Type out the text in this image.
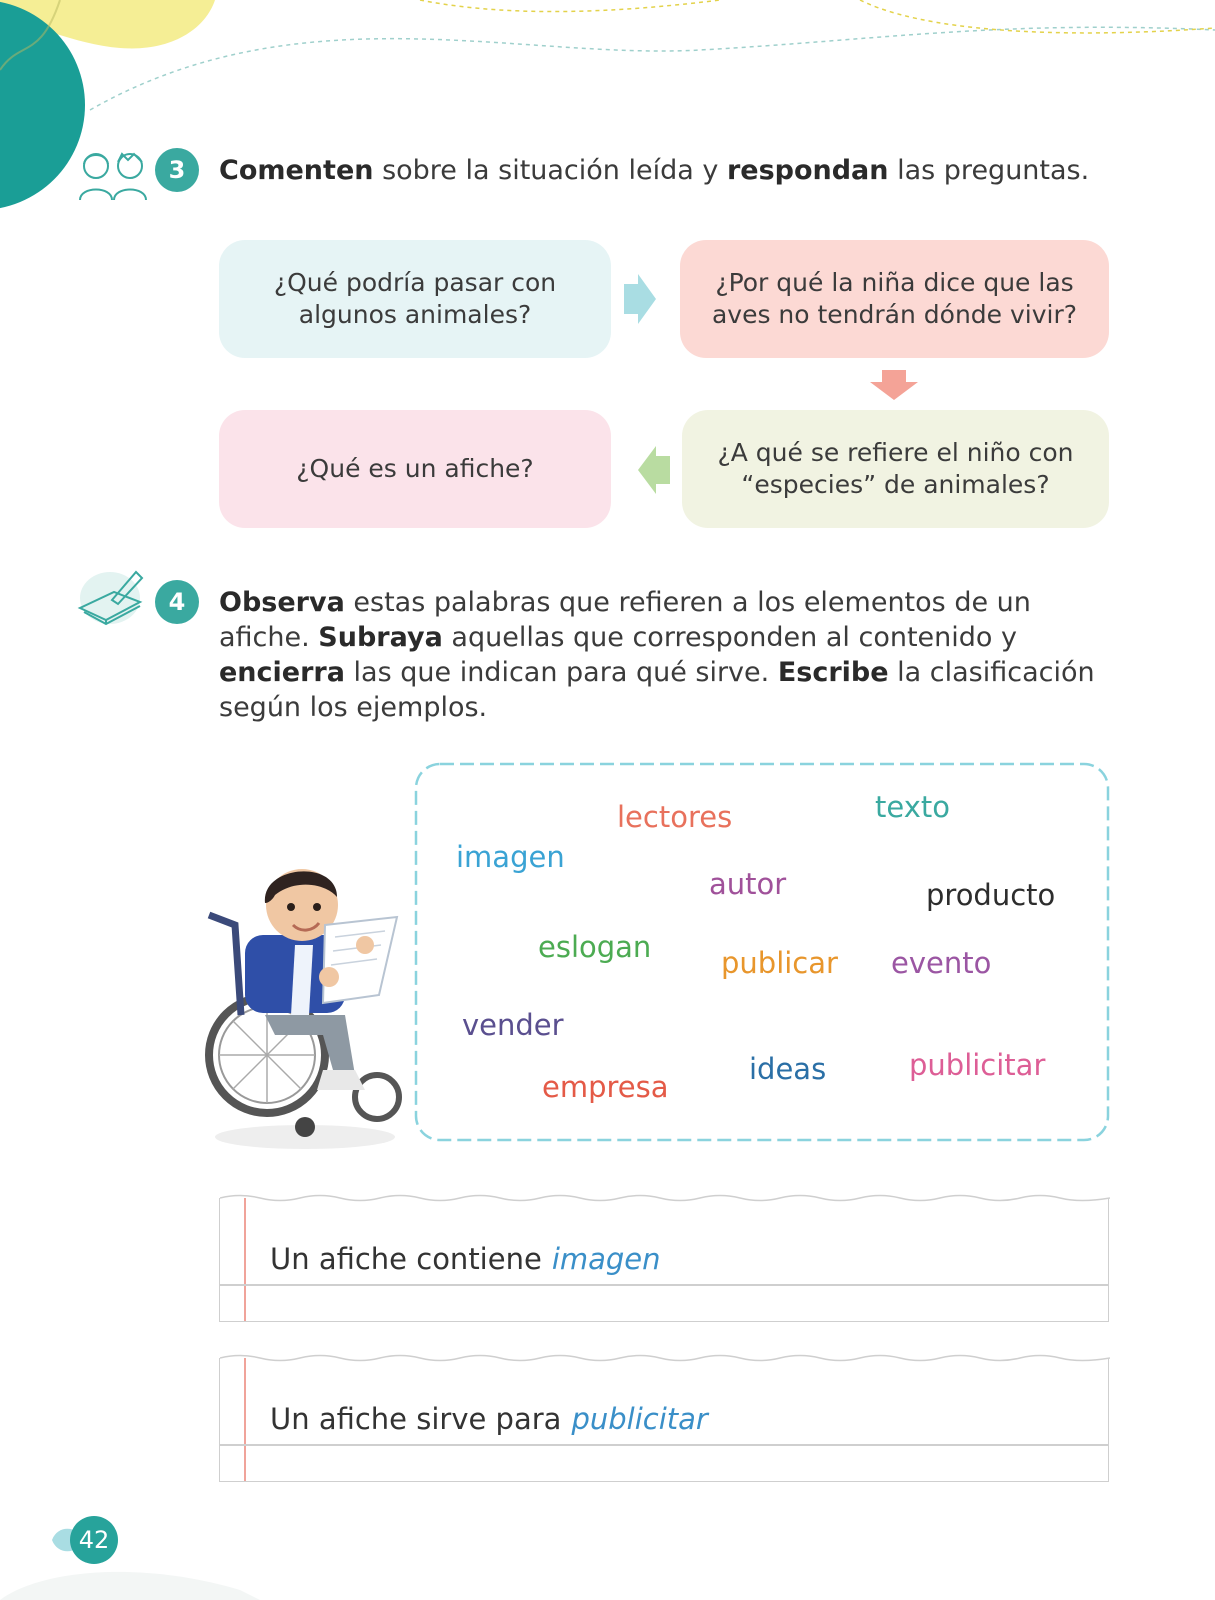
3	Comenten sobre la situación leída y respondan las preguntas.
¿Qué podría pasar con algunos animales?
¿Por qué la niña dice que las aves no tendrán dónde vivir?
¿A qué se refiere el niño con “especies” de animales?
¿Qué es un afiche?
4	Observa estas palabras que refieren a los elementos de un afiche. Subraya aquellas que corresponden al contenido y encierra las que indican para qué sirve. Escribe la clasificación según los ejemplos.
lectores	texto
imagen
autor	producto
eslogan publicar evento
vender
empresa
ideas	publicitar
Un afiche contiene imagen
Un afiche sirve para publicitar
42
